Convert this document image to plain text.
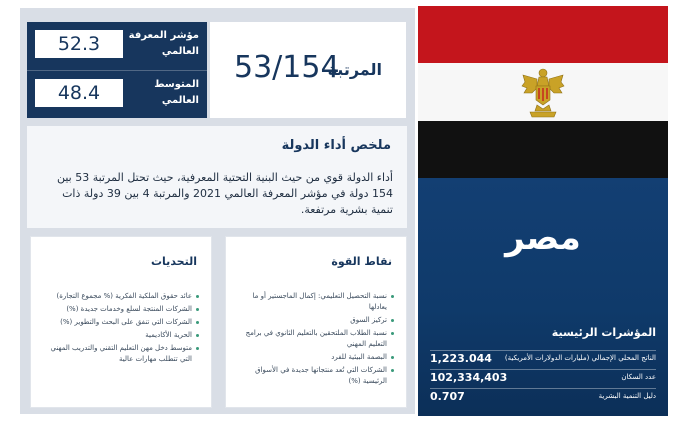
52.3	مؤشر المعرفة العالمي
48.4	المتوسط العالمي
53/154
المرتبة
ملخص أداء الدولة
أداء الدولة قوي من حيث البنية التحتية المعرفية، حيث تحتل المرتبة 53 بين 154 دولة في مؤشر المعرفة العالمي 2021 والمرتبة 4 بين 39 دولة ذات تنمية بشرية مرتفعة.
نقاط القوة
نسبة التحصيل التعليمي: إكمال الماجستير أو ما يعادلها
تركيز السوق
نسبة الطلاب الملتحقين بالتعليم الثانوي في برامج التعليم المهني
البصمة البيئية للفرد
الشركات التي تُعد منتجاتها جديدة في الأسواق الرئيسية (%)
التحديات
عائد حقوق الملكية الفكرية (% مجموع التجارة)
الشركات المنتجة لسلع وخدمات جديدة (%)
الشركات التي تنفق على البحث والتطوير (%)
الحرية الأكاديمية
متوسط دخل مهن التعليم التقني والتدريب المهني التي تتطلب مهارات عالية
مصر
المؤشرات الرئيسية
الناتج المحلي الإجمالي (مليارات الدولارات الأمريكية)
1,223.044
عدد السكان
102,334,403
دليل التنمية البشرية
0.707
